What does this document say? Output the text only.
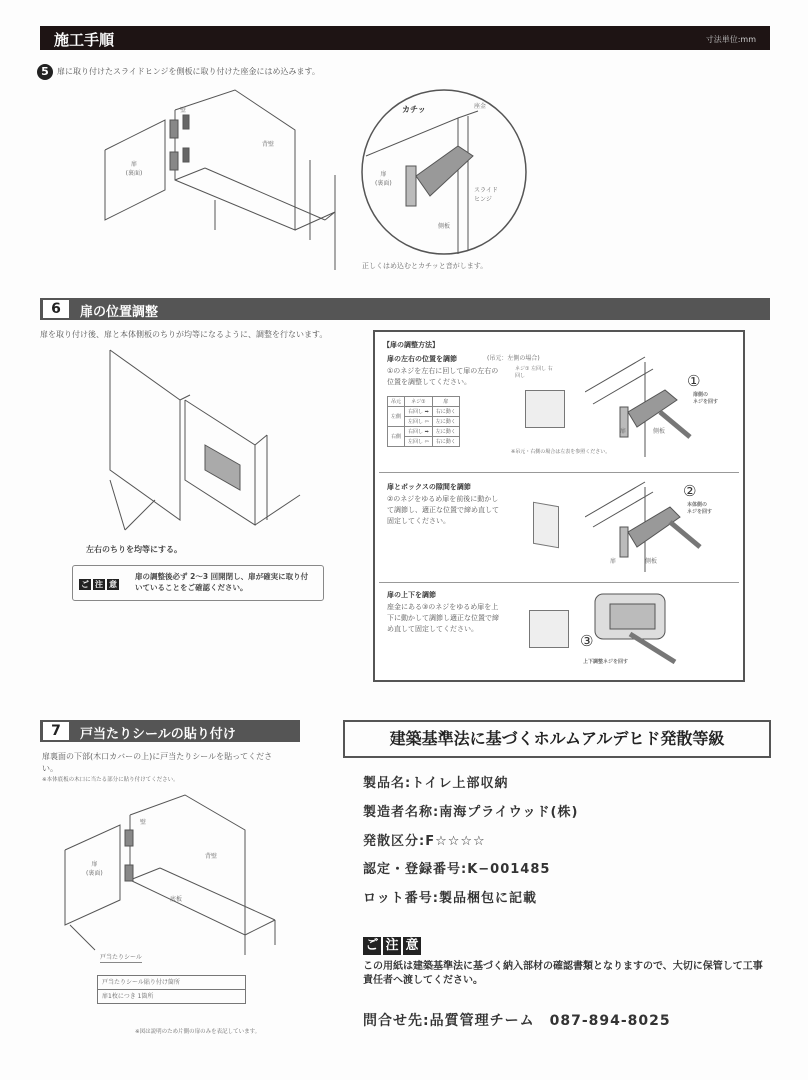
施工手順	寸法単位:mm
5	扉に取り付けたスライドヒンジを側板に取り付けた座金にはめ込みます。
壁
背壁
扉
(裏面)
カチッ	座金
スライド
ヒンジ
扉
(裏面)
側板
正しくはめ込むとカチッと音がします。
6	扉の位置調整
扉を取り付け後、扉と本体側板のちりが均等になるように、調整を行ないます。
左右のちりを均等にする。
ご 注 意
扉の調整後必ず 2〜3 回開閉し、扉が確実に取り付いていることをご確認ください。
【扉の調整方法】
扉の左右の位置を調節	(吊元：左側の場合)
①のネジを左右に回して扉の左右の位置を調整してください。
吊元	ネジ①	扉
左側	右回し ➡	右に動く
	左回し ⇦	左に動く
右側	右回し ➡	左に動く
	左回し ⇦	右に動く
ネジ① 左回し 右回し
※吊元・右側の場合は左表を参照ください。
①
扉側の
ネジを回す
扉	側板
扉とボックスの隙間を調節
②のネジをゆるめ扉を前後に動かして調節し、適正な位置で締め直して固定してください。
②
本体側の
ネジを回す
扉	側板
扉の上下を調節
座金にある③のネジをゆるめ扉を上下に動かして調節し適正な位置で締め直して固定してください。
③
上下調整ネジを回す
7	戸当たりシールの貼り付け
扉裏面の下部(木口カバーの上)に戸当たりシールを貼ってください。
※本体底板の木口に当たる部分に貼り付けてください。
壁
背壁
扉
(裏面)
底板
戸当たりシール
戸当たりシール貼り付け箇所
扉1枚につき 1箇所
※図は説明のため片側の扉のみを表記しています。
建築基準法に基づくホルムアルデヒド発散等級
製品名:トイレ上部収納
製造者名称:南海プライウッド(株)
発散区分:F☆☆☆☆
認定・登録番号:K−001485
ロット番号:製品梱包に記載
ご 注 意
この用紙は建築基準法に基づく納入部材の確認書類となりますので、大切に保管して工事責任者へ渡してください。
問合せ先:品質管理チーム　087-894-8025
